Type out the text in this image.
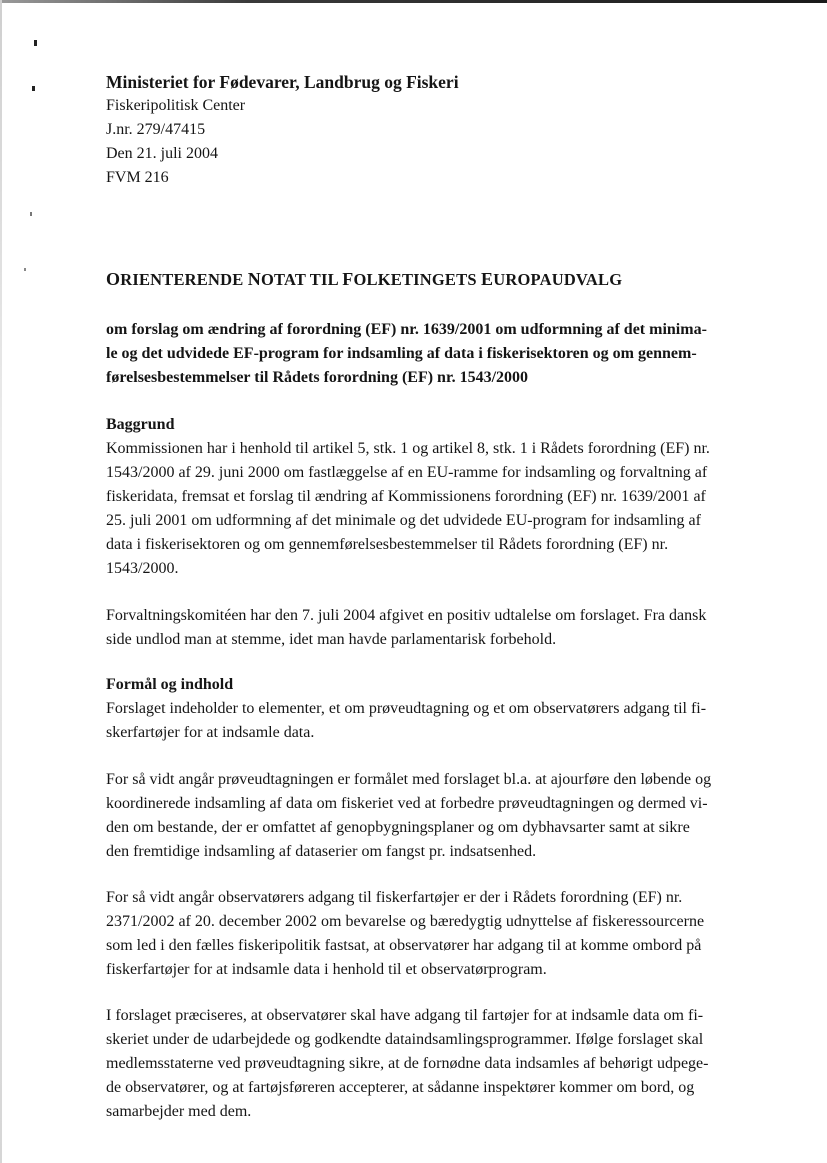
Ministeriet for Fødevarer, Landbrug og Fiskeri
Fiskeripolitisk Center
J.nr. 279/47415
Den 21. juli 2004
FVM 216
ORIENTERENDE NOTAT TIL FOLKETINGETS EUROPAUDVALG
om forslag om ændring af forordning (EF) nr. 1639/2001 om udformning af det minima-
le og det udvidede EF-program for indsamling af data i fiskerisektoren og om gennem-
førelsesbestemmelser til Rådets forordning (EF) nr. 1543/2000
Baggrund

Kommissionen har i henhold til artikel 5, stk. 1 og artikel 8, stk. 1 i Rådets forordning (EF) nr.
1543/2000 af 29. juni 2000 om fastlæggelse af en EU-ramme for indsamling og forvaltning af
fiskeridata, fremsat et forslag til ændring af Kommissionens forordning (EF) nr. 1639/2001 af
25. juli 2001 om udformning af det minimale og det udvidede EU-program for indsamling af
data i fiskerisektoren og om gennemførelsesbestemmelser til Rådets forordning (EF) nr.
1543/2000.

Forvaltningskomitéen har den 7. juli 2004 afgivet en positiv udtalelse om forslaget. Fra dansk
side undlod man at stemme, idet man havde parlamentarisk forbehold.

Formål og indhold

Forslaget indeholder to elementer, et om prøveudtagning og et om observatørers adgang til fi-
skerfartøjer for at indsamle data.

For så vidt angår prøveudtagningen er formålet med forslaget bl.a. at ajourføre den løbende og
koordinerede indsamling af data om fiskeriet ved at forbedre prøveudtagningen og dermed vi-
den om bestande, der er omfattet af genopbygningsplaner og om dybhavsarter samt at sikre
den fremtidige indsamling af dataserier om fangst pr. indsatsenhed.

For så vidt angår observatørers adgang til fiskerfartøjer er der i Rådets forordning (EF) nr.
2371/2002 af 20. december 2002 om bevarelse og bæredygtig udnyttelse af fiskeressourcerne
som led i den fælles fiskeripolitik fastsat, at observatører har adgang til at komme ombord på
fiskerfartøjer for at indsamle data i henhold til et observatørprogram.

I forslaget præciseres, at observatører skal have adgang til fartøjer for at indsamle data om fi-
skeriet under de udarbejdede og godkendte dataindsamlingsprogrammer. Ifølge forslaget skal
medlemsstaterne ved prøveudtagning sikre, at de fornødne data indsamles af behørigt udpege-
de observatører, og at fartøjsføreren accepterer, at sådanne inspektører kommer om bord, og
samarbejder med dem.
